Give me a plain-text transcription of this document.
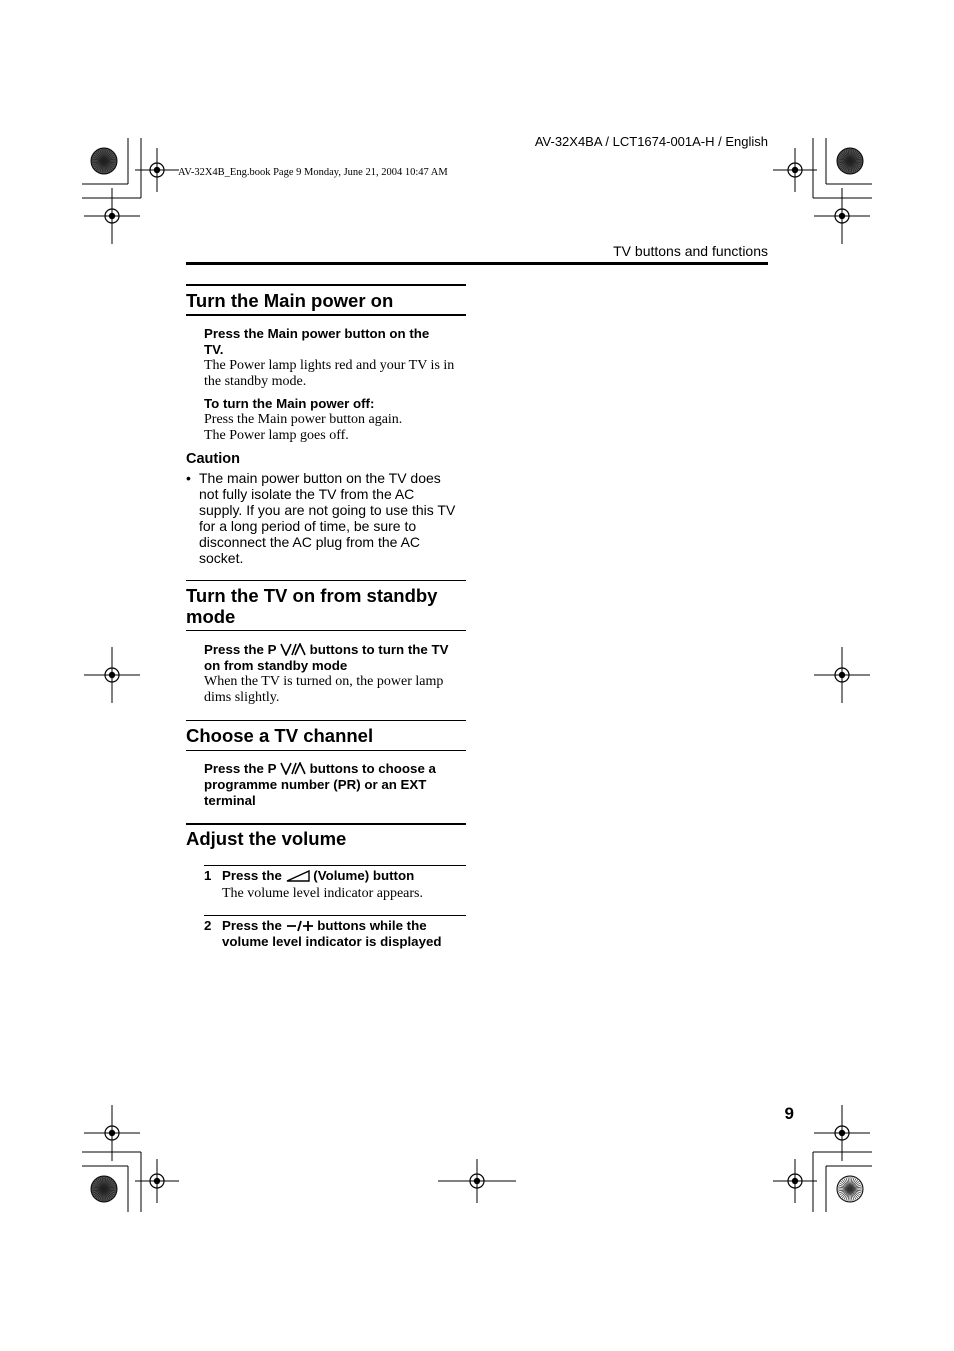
AV-32X4BA / LCT1674-001A-H / English
AV-32X4B_Eng.book Page 9 Monday, June 21, 2004 10:47 AM
TV buttons and functions
Turn the Main power on
Press the Main power button on the
TV.
The Power lamp lights red and your TV is in
the standby mode.
To turn the Main power off:
Press the Main power button again.
The Power lamp goes off.
Caution
• The main power button on the TV does
not fully isolate the TV from the AC
supply. If you are not going to use this TV
for a long period of time, be sure to
disconnect the AC plug from the AC
socket.
Turn the TV on from standby
mode
Press the P	buttons to turn the TV
on from standby mode
When the TV is turned on, the power lamp
dims slightly.
Choose a TV channel
Press the P	buttons to choose a
programme number (PR) or an EXT
terminal
Adjust the volume
1 Press the (Volume) button
The volume level indicator appears.
2 Press the	buttons while the
volume level indicator is displayed
9
